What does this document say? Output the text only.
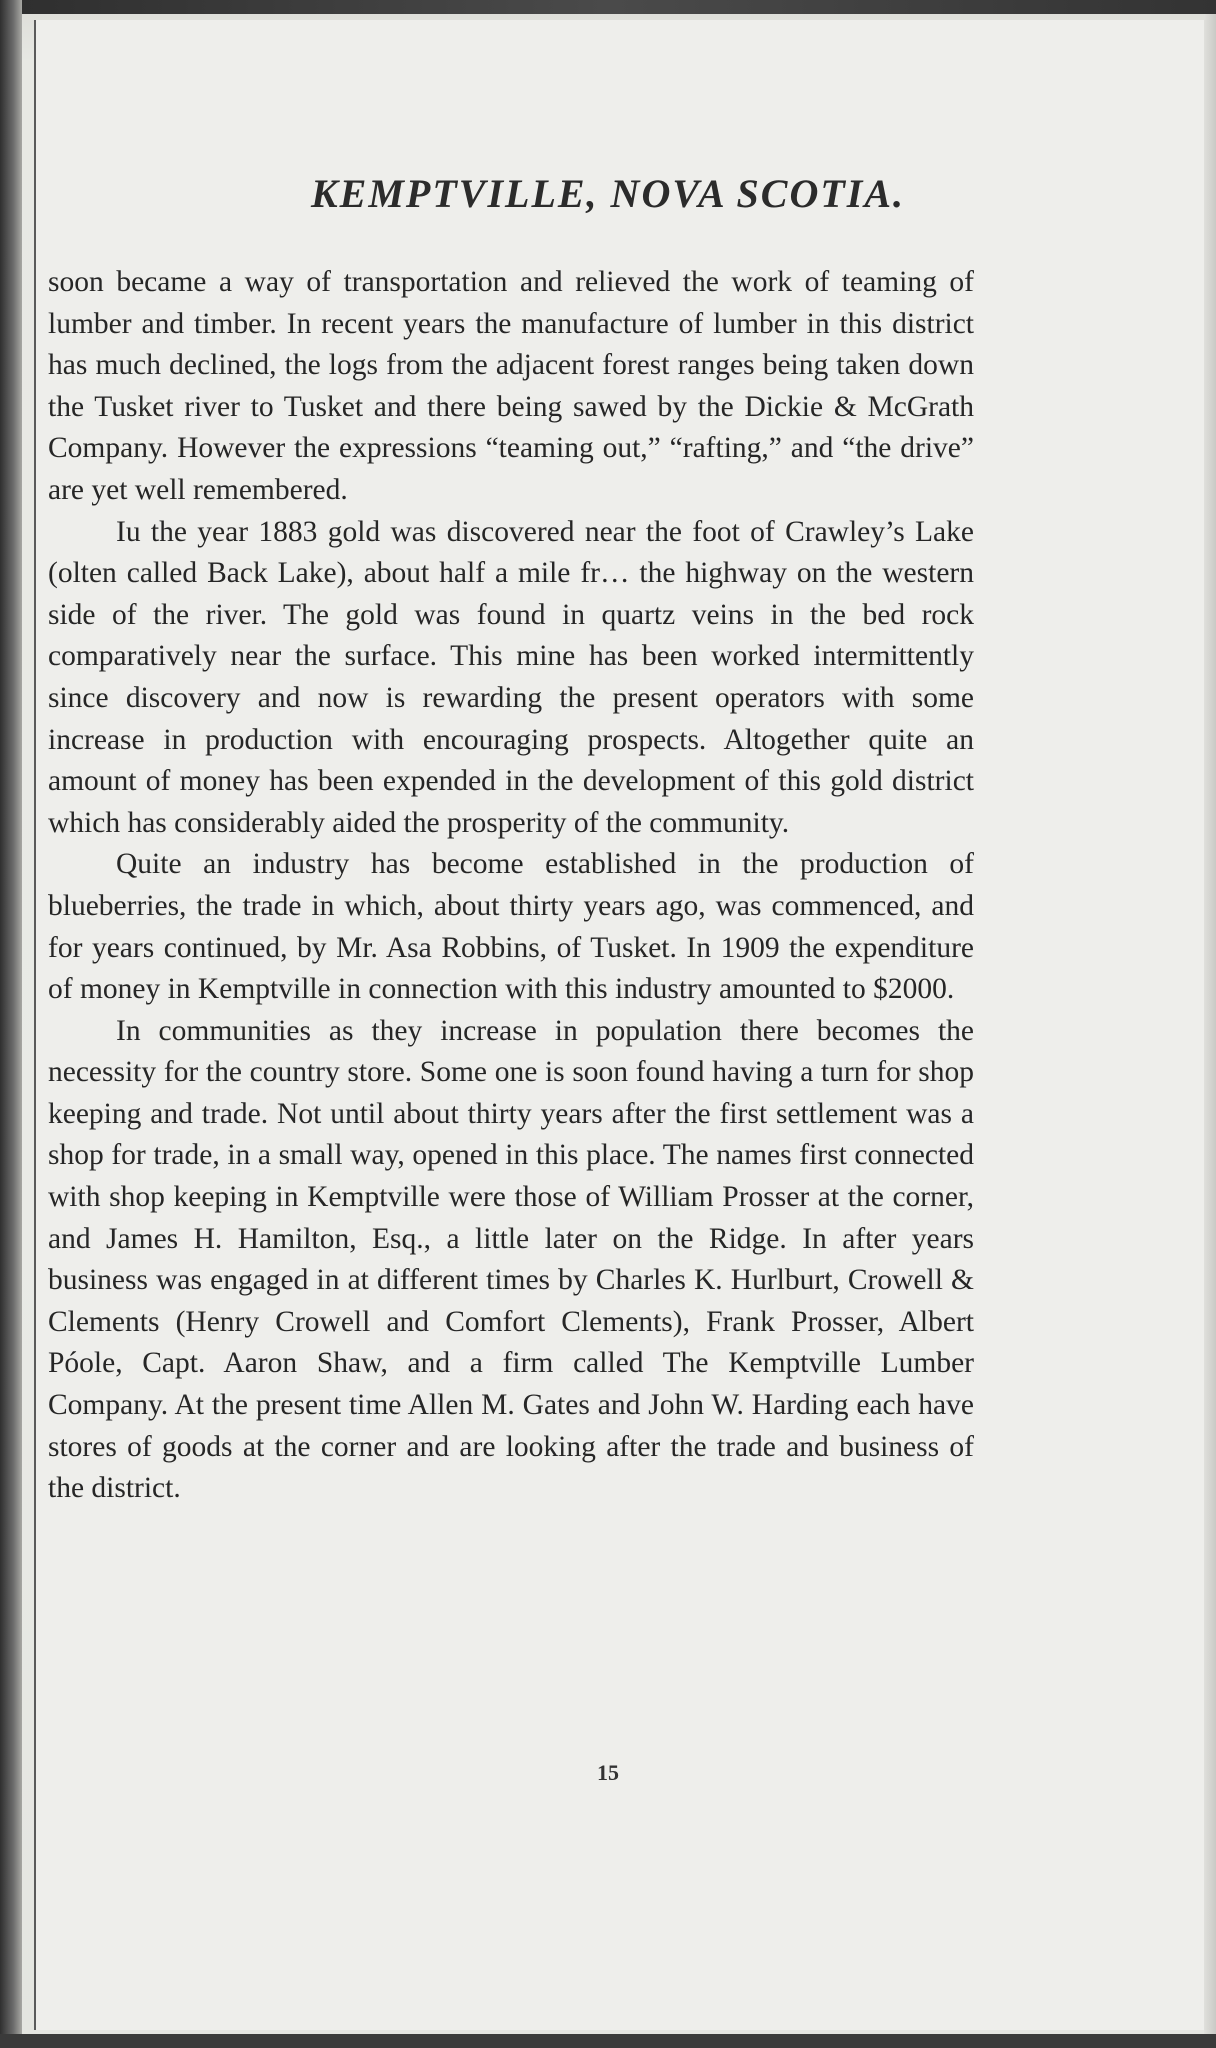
KEMPTVILLE, NOVA SCOTIA.

soon became a way of transportation and relieved the work of teaming of lumber and timber. In recent years the manufacture of lumber in this district has much declined, the logs from the adjacent forest ranges being taken down the Tusket river to Tusket and there being sawed by the Dickie & McGrath Company. However the expressions “teaming out,” “rafting,” and “the drive” are yet well remembered.

Iu the year 1883 gold was discovered near the foot of Crawley’s Lake (olten called Back Lake), about half a mile fr… the highway on the western side of the river. The gold was found in quartz veins in the bed rock comparatively near the surface. This mine has been worked intermittently since discovery and now is rewarding the present operators with some increase in production with encouraging prospects. Altogether quite an amount of money has been expended in the development of this gold district which has considerably aided the prosperity of the community.

Quite an industry has become established in the production of blueberries, the trade in which, about thirty years ago, was commenced, and for years continued, by Mr. Asa Robbins, of Tusket. In 1909 the expenditure of money in Kemptville in connection with this industry amounted to $2000.

In communities as they increase in population there becomes the necessity for the country store. Some one is soon found having a turn for shop keeping and trade. Not until about thirty years after the first settlement was a shop for trade, in a small way, opened in this place. The names first connected with shop keeping in Kemptville were those of William Prosser at the corner, and James H. Hamilton, Esq., a little later on the Ridge. In after years business was engaged in at different times by Charles K. Hurlburt, Crowell & Clements (Henry Crowell and Comfort Clements), Frank Prosser, Albert Póole, Capt. Aaron Shaw, and a firm called The Kemptville Lumber Company. At the present time Allen M. Gates and John W. Harding each have stores of goods at the corner and are looking after the trade and business of the district.

15
